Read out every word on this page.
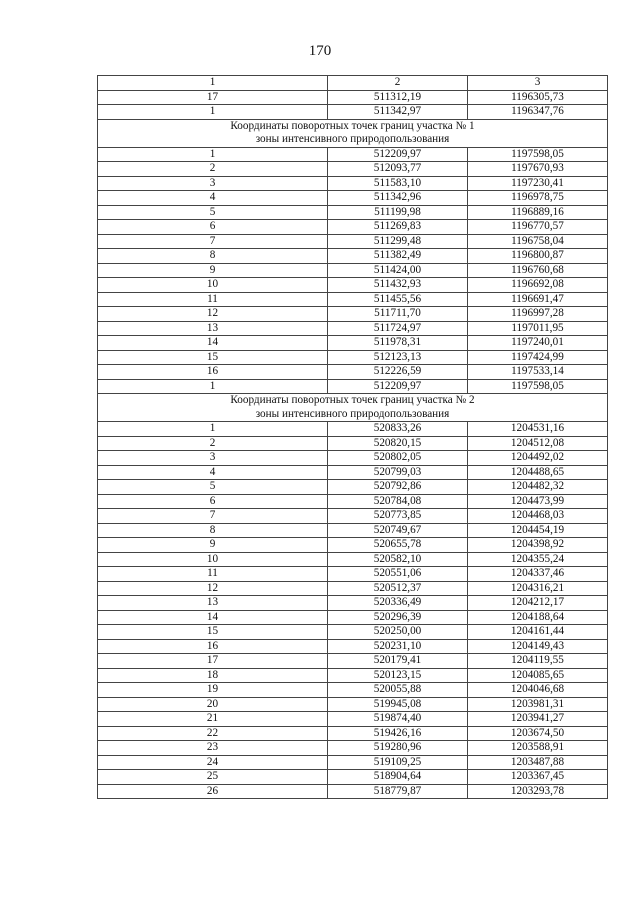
170
1	2	3
17	511312,19	1196305,73
1	511342,97	1196347,76

Координаты поворотных точек границ участка № 1
зоны интенсивного природопользования		

1	512209,97	1197598,05
2	512093,77	1197670,93
3	511583,10	1197230,41
4	511342,96	1196978,75
5	511199,98	1196889,16
6	511269,83	1196770,57
7	511299,48	1196758,04
8	511382,49	1196800,87
9	511424,00	1196760,68
10	511432,93	1196692,08
11	511455,56	1196691,47
12	511711,70	1196997,28
13	511724,97	1197011,95
14	511978,31	1197240,01
15	512123,13	1197424,99
16	512226,59	1197533,14
1	512209,97	1197598,05

Координаты поворотных точек границ участка № 2
зоны интенсивного природопользования		

1	520833,26	1204531,16
2	520820,15	1204512,08
3	520802,05	1204492,02
4	520799,03	1204488,65
5	520792,86	1204482,32
6	520784,08	1204473,99
7	520773,85	1204468,03
8	520749,67	1204454,19
9	520655,78	1204398,92
10	520582,10	1204355,24
11	520551,06	1204337,46
12	520512,37	1204316,21
13	520336,49	1204212,17
14	520296,39	1204188,64
15	520250,00	1204161,44
16	520231,10	1204149,43
17	520179,41	1204119,55
18	520123,15	1204085,65
19	520055,88	1204046,68
20	519945,08	1203981,31
21	519874,40	1203941,27
22	519426,16	1203674,50
23	519280,96	1203588,91
24	519109,25	1203487,88
25	518904,64	1203367,45
26	518779,87	1203293,78
